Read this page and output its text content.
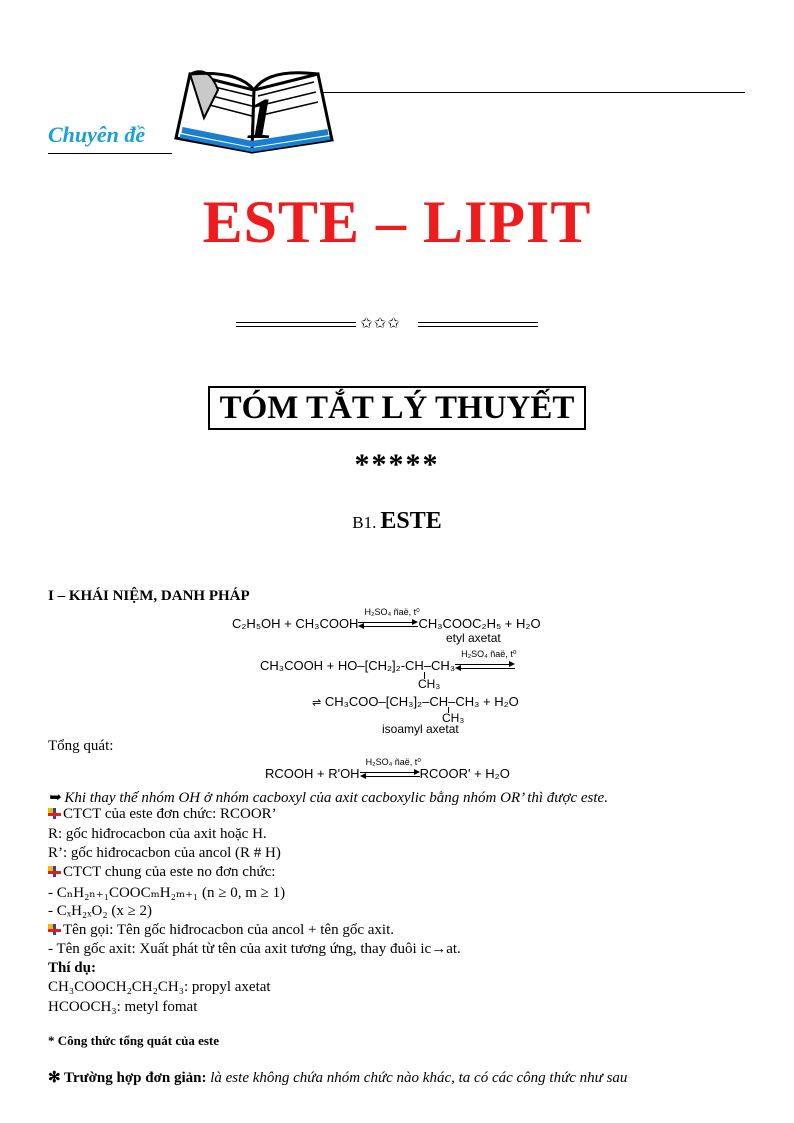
1
Chuyên đề
ESTE – LIPIT
✩✩✩
TÓM TẮT LÝ THUYẾT
*****
B1. ESTE
I – KHÁI NIỆM, DANH PHÁP
C₂H₅OH + CH₃COOH
H₂SO₄ ñaë, t⁰
CH₃COOC₂H₅ + H₂O
etyl axetat
CH₃COOH + HO–[CH₂]₂-CH–CH₃
H₂SO₄ ñaë, t⁰
CH₃
⇌ CH₃COO–[CH₃]₂–CH–CH₃ + H₂O
CH₃
isoamyl axetat
Tổng quát:
RCOOH + R'OH
H₂SO₄ ñaë, t⁰
RCOOR' + H₂O
➥ Khi thay thế nhóm OH ở nhóm cacboxyl của axit cacboxylic bằng nhóm OR’ thì được este.
CTCT của este đơn chức: RCOOR’
R: gốc hiđrocacbon của axit hoặc H.
R’: gốc hiđrocacbon của ancol (R # H)
CTCT chung của este no đơn chức:
- CₙH₂ₙ₊₁COOCₘH₂ₘ₊₁ (n ≥ 0, m ≥ 1)
- CₓH₂ₓO₂ (x ≥ 2)
Tên gọi: Tên gốc hiđrocacbon của ancol + tên gốc axit.
- Tên gốc axit: Xuất phát từ tên của axit tương ứng, thay đuôi ic→at.
Thí dụ:
CH₃COOCH₂CH₂CH₃: propyl axetat
HCOOCH₃: metyl fomat
* Công thức tổng quát của este
✻ Trường hợp đơn giản: là este không chứa nhóm chức nào khác, ta có các công thức như sau
